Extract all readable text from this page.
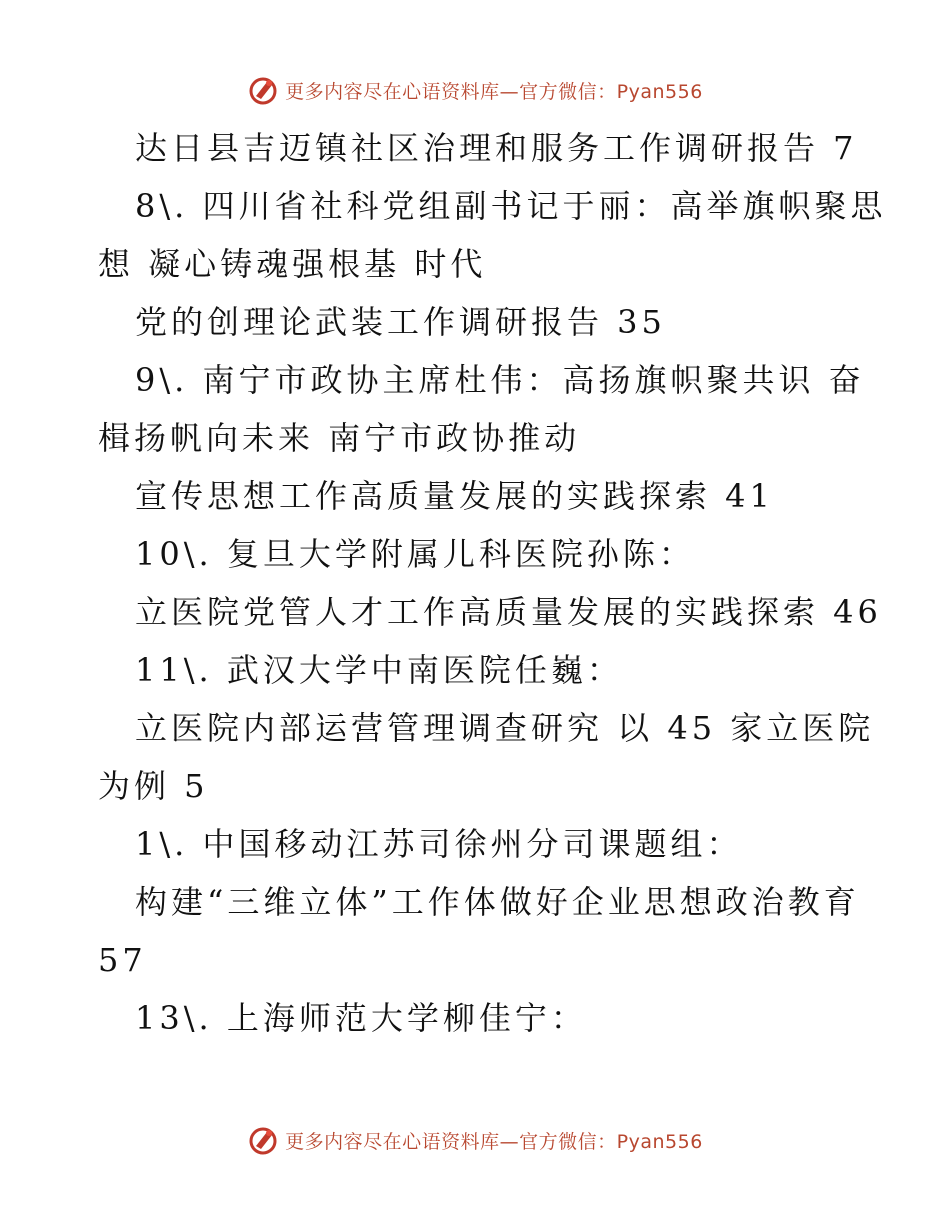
更多内容尽在心语资料库—官方微信：Pyan556
达日县吉迈镇社区治理和服务工作调研报告 7
8\. 四川省社科党组副书记于丽：高举旗帜聚思
想 凝心铸魂强根基 时代
党的创理论武装工作调研报告 35
9\. 南宁市政协主席杜伟：高扬旗帜聚共识 奋
楫扬帆向未来 南宁市政协推动
宣传思想工作高质量发展的实践探索 41
10\. 复旦大学附属儿科医院孙陈：
立医院党管人才工作高质量发展的实践探索 46
11\. 武汉大学中南医院任巍：
立医院内部运营管理调查研究 以 45 家立医院
为例 5
1\. 中国移动江苏司徐州分司课题组：
构建“三维立体”工作体做好企业思想政治教育
57
13\. 上海师范大学柳佳宁：
更多内容尽在心语资料库—官方微信：Pyan556
